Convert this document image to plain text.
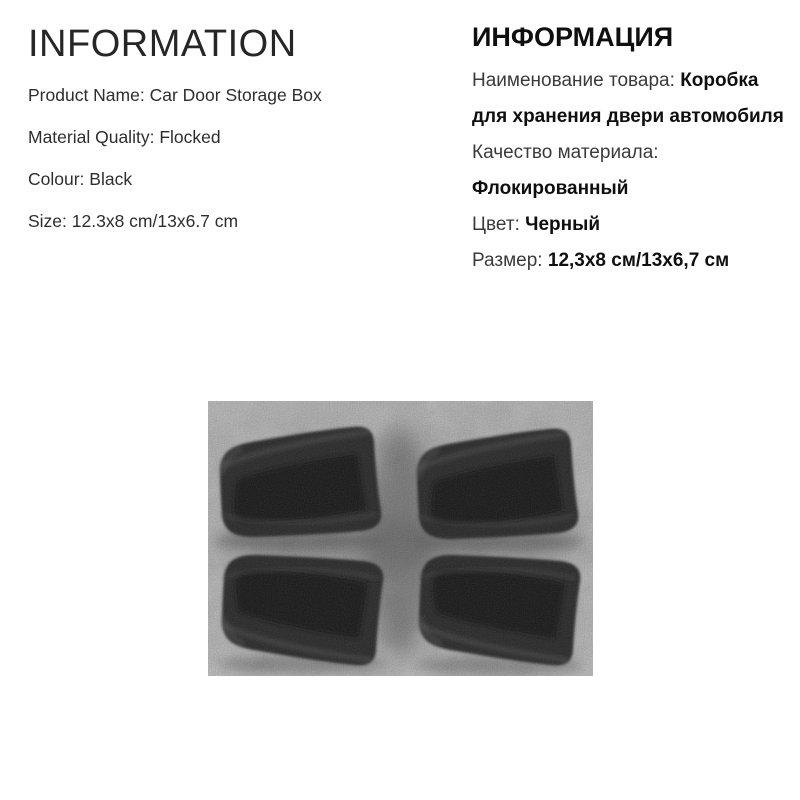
INFORMATION

Product Name: Car Door Storage Box

Material Quality: Flocked

Colour: Black

Size: 12.3x8 cm/13x6.7 cm

ИНФОРМАЦИЯ

Наименование товара: Коробка

для хранения двери автомобиля

Качество материала:

Флокированный

Цвет: Черный

Размер: 12,3х8 см/13х6,7 см
